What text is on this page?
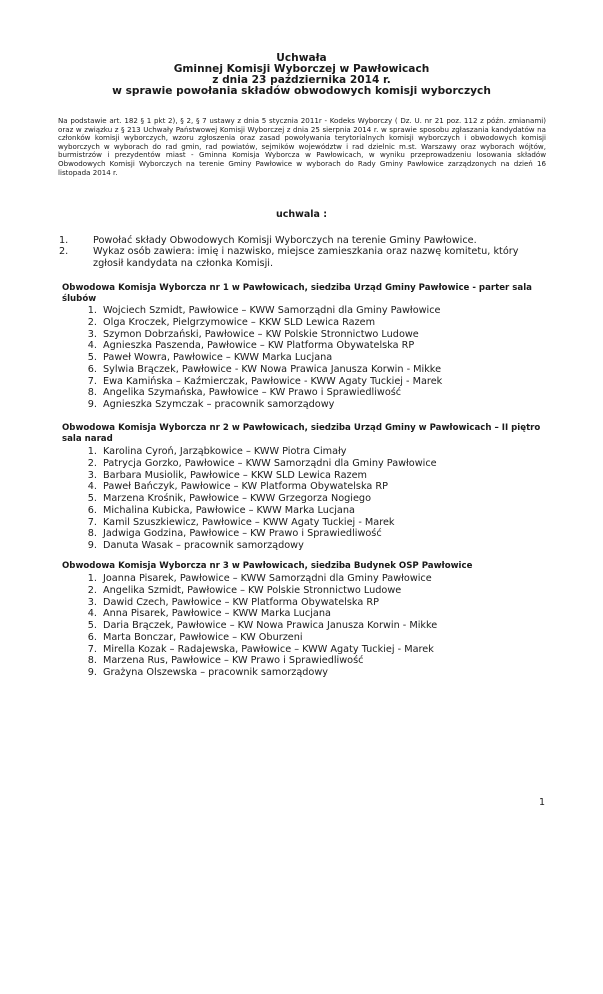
Uchwała
Gminnej Komisji Wyborczej w Pawłowicach
z dnia 23 października 2014 r.
w sprawie powołania składów obwodowych komisji wyborczych
Na podstawie art. 182 § 1 pkt 2), § 2, § 7 ustawy z dnia 5 stycznia 2011r - Kodeks Wyborczy ( Dz. U. nr 21 poz. 112 z późn. zmianami) oraz w związku z § 213 Uchwały Państwowej Komisji Wyborczej z dnia 25 sierpnia 2014 r. w sprawie sposobu zgłaszania kandydatów na członków komisji wyborczych, wzoru zgłoszenia oraz zasad powoływania terytorialnych komisji wyborczych i obwodowych komisji wyborczych w wyborach do rad gmin, rad powiatów, sejmików województw i rad dzielnic m.st. Warszawy oraz wyborach wójtów, burmistrzów i prezydentów miast - Gminna Komisja Wyborcza w Pawłowicach, w wyniku przeprowadzeniu losowania składów Obwodowych Komisji Wyborczych na terenie Gminy Pawłowice w wyborach do Rady Gminy Pawłowice zarządzonych na dzień 16 listopada 2014 r.
uchwala :
1.	Powołać składy Obwodowych Komisji Wyborczych na terenie Gminy Pawłowice.
2.	Wykaz osób zawiera: imię i nazwisko, miejsce zamieszkania oraz nazwę komitetu, który zgłosił kandydata na członka Komisji.
Obwodowa Komisja Wyborcza nr 1 w Pawłowicach, siedziba Urząd Gminy Pawłowice - parter sala ślubów
1. Wojciech Szmidt, Pawłowice – KWW Samorządni dla Gminy Pawłowice
2. Olga Kroczek, Pielgrzymowice – KKW SLD Lewica Razem
3. Szymon Dobrzański, Pawłowice – KW Polskie Stronnictwo Ludowe
4. Agnieszka Paszenda, Pawłowice – KW Platforma Obywatelska RP
5. Paweł Wowra, Pawłowice – KWW Marka Lucjana
6. Sylwia Brączek, Pawłowice - KW Nowa Prawica Janusza Korwin - Mikke
7. Ewa Kamińska – Kaźmierczak, Pawłowice - KWW Agaty Tuckiej - Marek
8. Angelika Szymańska, Pawłowice – KW Prawo i Sprawiedliwość
9. Agnieszka Szymczak – pracownik samorządowy
Obwodowa Komisja Wyborcza nr 2 w Pawłowicach, siedziba Urząd Gminy w Pawłowicach – II piętro sala narad
1. Karolina Cyroń, Jarząbkowice – KWW Piotra Cimały
2. Patrycja Gorzko, Pawłowice – KWW Samorządni dla Gminy Pawłowice
3. Barbara Musiolik, Pawłowice – KKW SLD Lewica Razem
4. Paweł Bańczyk, Pawłowice – KW Platforma Obywatelska RP
5. Marzena Krośnik, Pawłowice – KWW Grzegorza Nogiego
6. Michalina Kubicka, Pawłowice – KWW Marka Lucjana
7. Kamil Szuszkiewicz, Pawłowice – KWW Agaty Tuckiej - Marek
8. Jadwiga Godzina, Pawłowice – KW Prawo i Sprawiedliwość
9. Danuta Wasak – pracownik samorządowy
Obwodowa Komisja Wyborcza nr 3 w Pawłowicach, siedziba Budynek OSP Pawłowice
1. Joanna Pisarek, Pawłowice – KWW Samorządni dla Gminy Pawłowice
2. Angelika Szmidt, Pawłowice – KW Polskie Stronnictwo Ludowe
3. Dawid Czech, Pawłowice – KW Platforma Obywatelska RP
4. Anna Pisarek, Pawłowice – KWW Marka Lucjana
5. Daria Brączek, Pawłowice – KW Nowa Prawica Janusza Korwin - Mikke
6. Marta Bonczar, Pawłowice – KW Oburzeni
7. Mirella Kozak – Radajewska, Pawłowice – KWW Agaty Tuckiej - Marek
8. Marzena Rus, Pawłowice – KW Prawo i Sprawiedliwość
9. Grażyna Olszewska – pracownik samorządowy
1
